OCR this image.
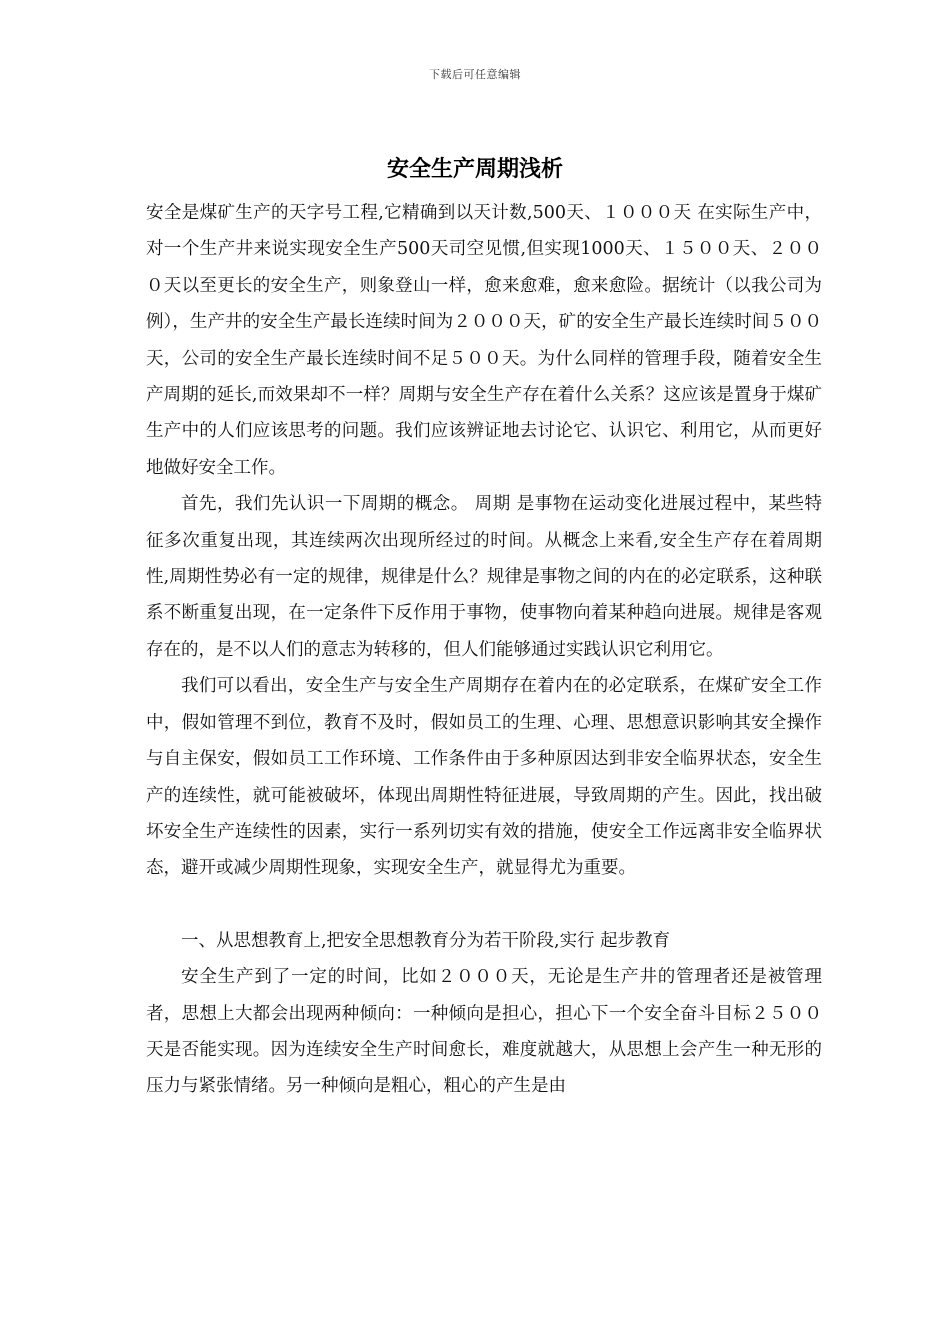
下载后可任意编辑
安全生产周期浅析

安全是煤矿生产的天字号工程,它精确到以天计数,500天、１０００天 在实际生产中，对一个生产井来说实现安全生产500天司空见惯,但实现1000天、１５００天、２０００天以至更长的安全生产，则象登山一样，愈来愈难，愈来愈险。据统计（以我公司为例），生产井的安全生产最长连续时间为２０００天，矿的安全生产最长连续时间５００天，公司的安全生产最长连续时间不足５００天。为什么同样的管理手段，随着安全生产周期的延长,而效果却不一样？周期与安全生产存在着什么关系？这应该是置身于煤矿生产中的人们应该思考的问题。我们应该辨证地去讨论它、认识它、利用它，从而更好地做好安全工作。

首先，我们先认识一下周期的概念。 周期 是事物在运动变化进展过程中，某些特征多次重复出现，其连续两次出现所经过的时间。从概念上来看,安全生产存在着周期性,周期性势必有一定的规律，规律是什么？规律是事物之间的内在的必定联系，这种联系不断重复出现，在一定条件下反作用于事物，使事物向着某种趋向进展。规律是客观存在的，是不以人们的意志为转移的，但人们能够通过实践认识它利用它。

我们可以看出，安全生产与安全生产周期存在着内在的必定联系，在煤矿安全工作中，假如管理不到位，教育不及时，假如员工的生理、心理、思想意识影响其安全操作与自主保安，假如员工工作环境、工作条件由于多种原因达到非安全临界状态，安全生产的连续性，就可能被破坏，体现出周期性特征进展，导致周期的产生。因此，找出破坏安全生产连续性的因素，实行一系列切实有效的措施，使安全工作远离非安全临界状态，避开或减少周期性现象，实现安全生产，就显得尤为重要。

一、从思想教育上,把安全思想教育分为若干阶段,实行 起步教育

安全生产到了一定的时间，比如２０００天，无论是生产井的管理者还是被管理者，思想上大都会出现两种倾向：一种倾向是担心，担心下一个安全奋斗目标２５００天是否能实现。因为连续安全生产时间愈长，难度就越大，从思想上会产生一种无形的压力与紧张情绪。另一种倾向是粗心，粗心的产生是由
